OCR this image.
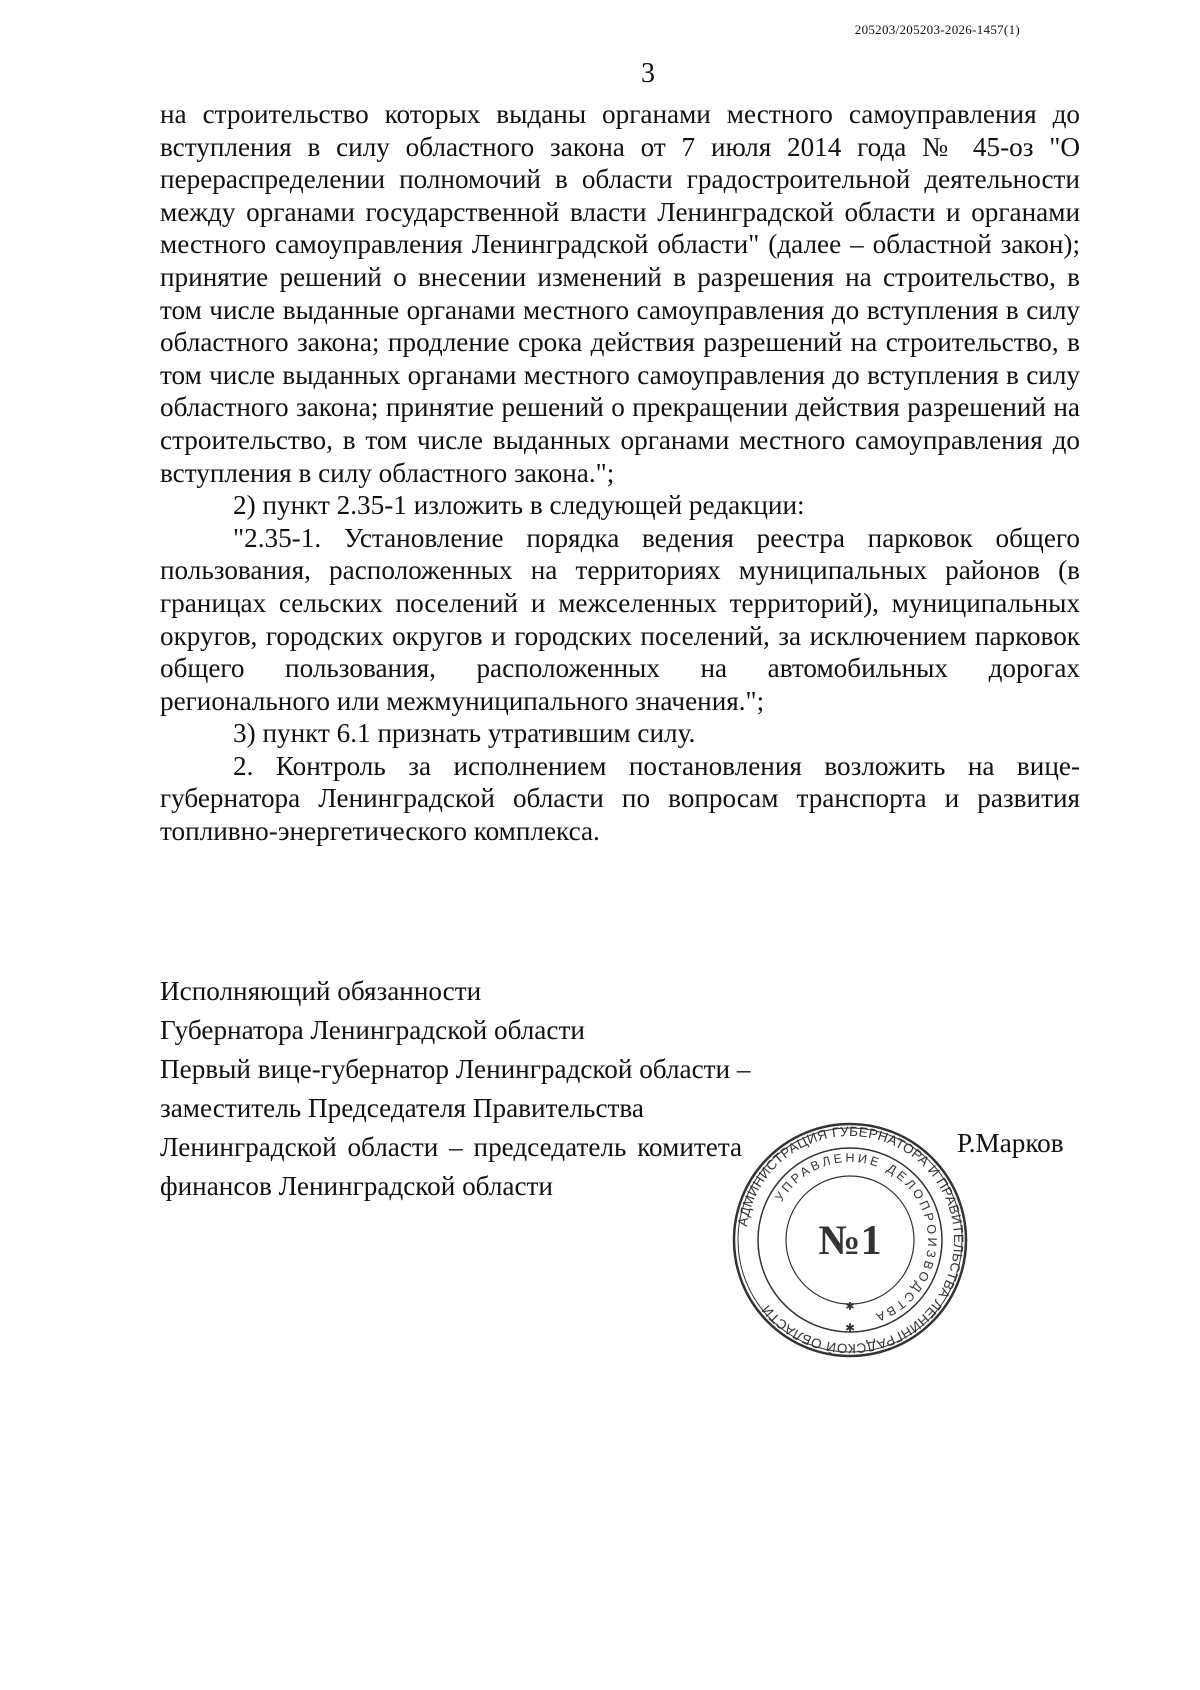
205203/205203-2026-1457(1)
3

на строительство которых выданы органами местного самоуправления до вступления в силу областного закона от 7 июля 2014 года № 45-оз "О перераспределении полномочий в области градостроительной деятельности между органами государственной власти Ленинградской области и органами местного самоуправления Ленинградской области" (далее – областной закон); принятие решений о внесении изменений в разрешения на строительство, в том числе выданные органами местного самоуправления до вступления в силу областного закона; продление срока действия разрешений на строительство, в том числе выданных органами местного самоуправления до вступления в силу областного закона; принятие решений о прекращении действия разрешений на строительство, в том числе выданных органами местного самоуправления до вступления в силу областного закона.";

2) пункт 2.35-1 изложить в следующей редакции:

"2.35-1. Установление порядка ведения реестра парковок общего пользования, расположенных на территориях муниципальных районов (в границах сельских поселений и межселенных территорий), муниципальных округов, городских округов и городских поселений, за исключением парковок общего пользования, расположенных на автомобильных дорогах регионального или межмуниципального значения.";

3) пункт 6.1 признать утратившим силу.

2. Контроль за исполнением постановления возложить на вице-губернатора Ленинградской области по вопросам транспорта и развития топливно-энергетического комплекса.

Исполняющий обязанности
Губернатора Ленинградской области
Первый вице-губернатор Ленинградской области –
заместитель Председателя Правительства
Ленинградской области – председатель комитета
финансов Ленинградской области
Р.Марков
АДМИНИСТРАЦИЯ ГУБЕРНАТОРА И ПРАВИТЕЛЬСТВА ЛЕНИНГРАДСКОЙ ОБЛАСТИ
УПРАВЛЕНИЕ ДЕЛОПРОИЗВОДСТВА
№1
✱
✱
